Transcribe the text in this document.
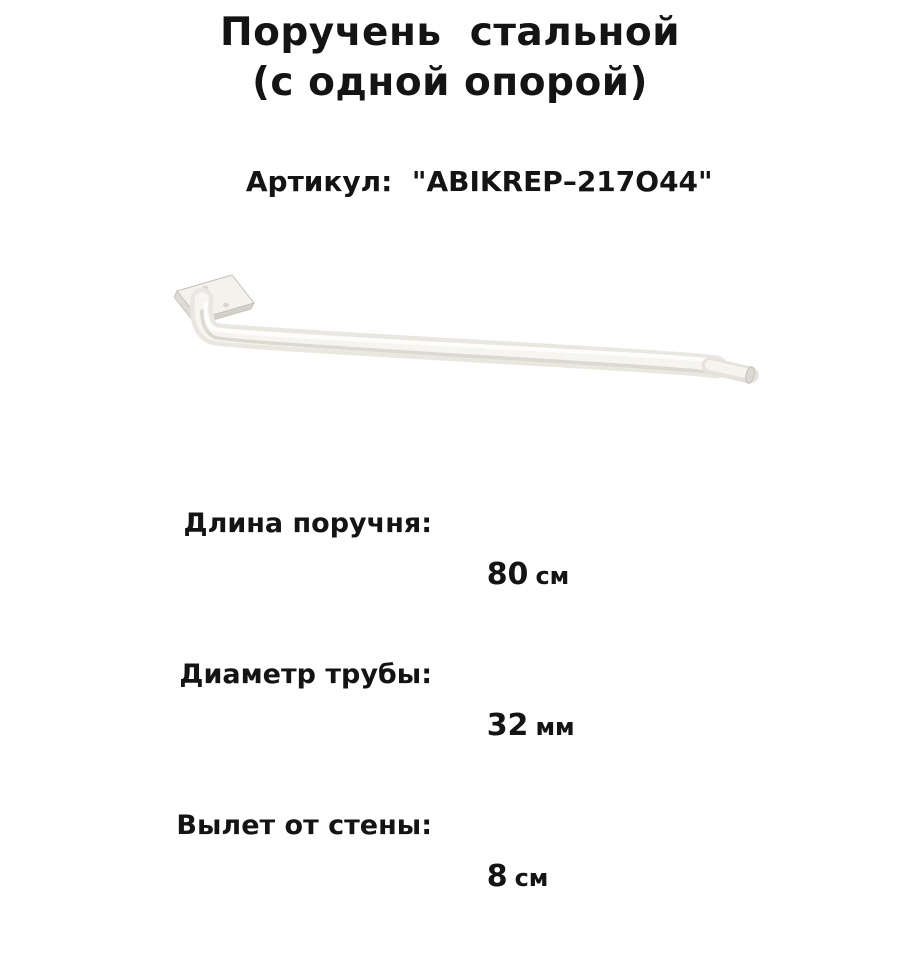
Поручень  стальной
(с одной опорой)

Артикул: "ABIKREP–217O44"

Длина поручня:

80 см

Диаметр трубы:

32 мм

Вылет от стены:

8 см
